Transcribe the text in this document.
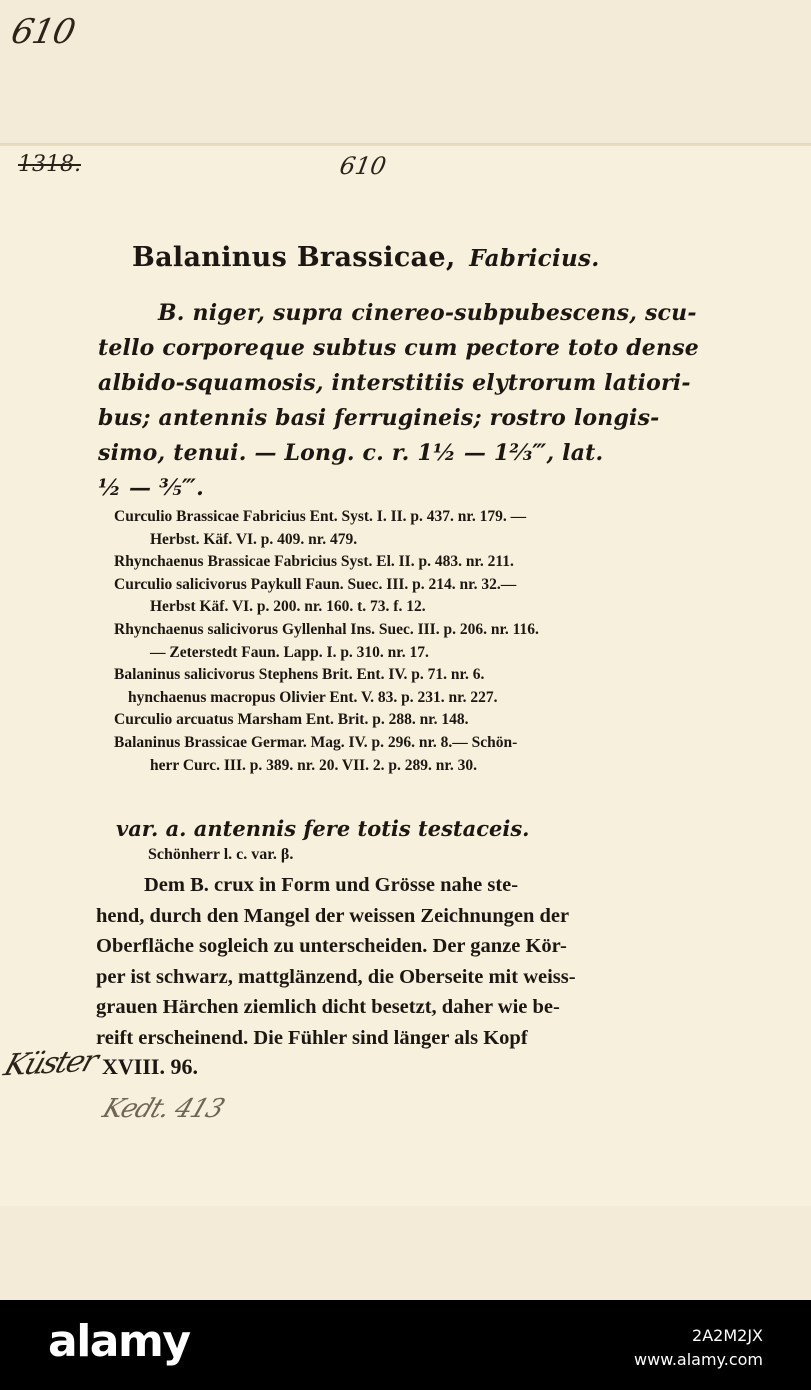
610
1318.	610
Balaninus Brassicae, Fabricius.
B. niger, supra cinereo-subpubescens, scu-
tello corporeque subtus cum pectore toto dense
albido-squamosis, interstitiis elytrorum latiori-
bus; antennis basi ferrugineis; rostro longis-
simo, tenui. — Long. c. r. 1½ — 1⅔‴, lat.
½ — ⅗‴.
Curculio Brassicae Fabricius Ent. Syst. I. II. p. 437. nr. 179. —
Herbst. Käf. VI. p. 409. nr. 479.
Rhynchaenus Brassicae Fabricius Syst. El. II. p. 483. nr. 211.
Curculio salicivorus Paykull Faun. Suec. III. p. 214. nr. 32.—
Herbst Käf. VI. p. 200. nr. 160. t. 73. f. 12.
Rhynchaenus salicivorus Gyllenhal Ins. Suec. III. p. 206. nr. 116.
— Zeterstedt Faun. Lapp. I. p. 310. nr. 17.
Balaninus salicivorus Stephens Brit. Ent. IV. p. 71. nr. 6.
hynchaenus macropus Olivier Ent. V. 83. p. 231. nr. 227.
Curculio arcuatus Marsham Ent. Brit. p. 288. nr. 148.
Balaninus Brassicae Germar. Mag. IV. p. 296. nr. 8.— Schön-
herr Curc. III. p. 389. nr. 20. VII. 2. p. 289. nr. 30.
var. a. antennis fere totis testaceis.
Schönherr l. c. var. β.
Dem B. crux in Form und Grösse nahe ste-
hend, durch den Mangel der weissen Zeichnungen der
Oberfläche sogleich zu unterscheiden. Der ganze Kör-
per ist schwarz, mattglänzend, die Oberseite mit weiss-
grauen Härchen ziemlich dicht besetzt, daher wie be-
reift erscheinend. Die Fühler sind länger als Kopf
Küster XVIII. 96.
Kedt. 413
alamy	2A2M2JX
www.alamy.com
